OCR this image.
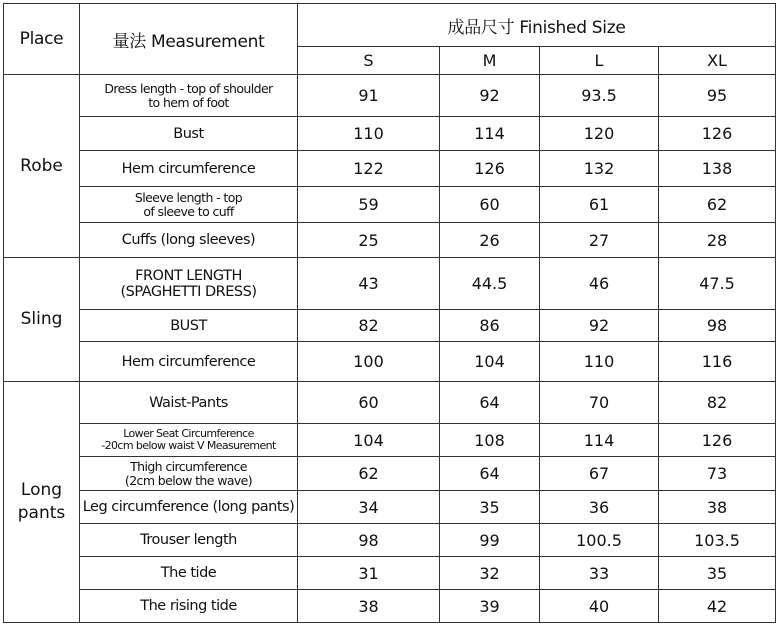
Place	量法 Measurement	成品尺寸 Finished Size			
		S	M	L	XL
Robe	Dress length - top of shoulder
to hem of foot	91	92	93.5	95

	Bust	110	114	120	126

	Hem circumference	122	126	132	138

	Sleeve length - top
of sleeve to cuff	59	60	61	62

	Cuffs (long sleeves)	25	26	27	28
Sling	FRONT LENGTH
(SPAGHETTI DRESS)	43	44.5	46	47.5

	BUST	82	86	92	98

	Hem circumference	100	104	110	116
Long pants	Waist-Pants	60	64	70	82

	Lower Seat Circumference
-20cm below waist V Measurement	104	108	114	126

	Thigh circumference
(2cm below the wave)	62	64	67	73

	Leg circumference (long pants)	34	35	36	38

	Trouser length	98	99	100.5	103.5

	The tide	31	32	33	35

	The rising tide	38	39	40	42
